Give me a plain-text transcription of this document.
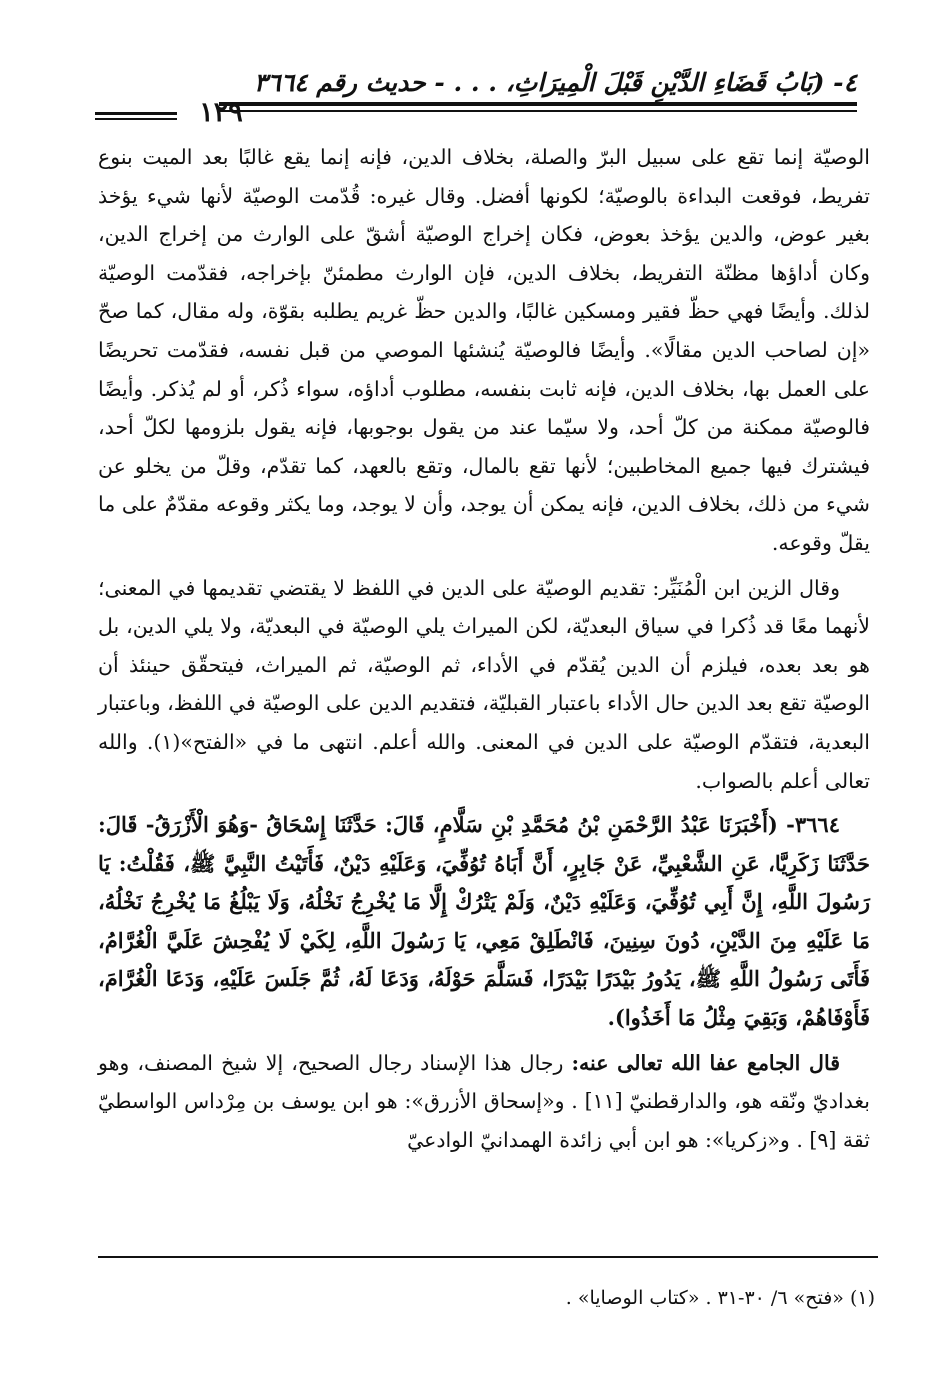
٤- (بَابُ قَضَاءِ الدَّيْنِ قَبْلَ الْمِيرَاثِ، . . . - حديث رقم ٣٦٦٤
١٢٩

الوصيّة إنما تقع على سبيل البرّ والصلة، بخلاف الدين، فإنه إنما يقع غالبًا بعد الميت بنوع تفريط، فوقعت البداءة بالوصيّة؛ لكونها أفضل. وقال غيره: قُدّمت الوصيّة لأنها شيء يؤخذ بغير عوض، والدين يؤخذ بعوض، فكان إخراج الوصيّة أشقّ على الوارث من إخراج الدين، وكان أداؤها مظنّة التفريط، بخلاف الدين، فإن الوارث مطمئنّ بإخراجه، فقدّمت الوصيّة لذلك. وأيضًا فهي حظّ فقير ومسكين غالبًا، والدين حظّ غريم يطلبه بقوّة، وله مقال، كما صحّ «إن لصاحب الدين مقالًا». وأيضًا فالوصيّة يُنشئها الموصي من قبل نفسه، فقدّمت تحريضًا على العمل بها، بخلاف الدين، فإنه ثابت بنفسه، مطلوب أداؤه، سواء ذُكر، أو لم يُذكر. وأيضًا فالوصيّة ممكنة من كلّ أحد، ولا سيّما عند من يقول بوجوبها، فإنه يقول بلزومها لكلّ أحد، فيشترك فيها جميع المخاطبين؛ لأنها تقع بالمال، وتقع بالعهد، كما تقدّم، وقلّ من يخلو عن شيء من ذلك، بخلاف الدين، فإنه يمكن أن يوجد، وأن لا يوجد، وما يكثر وقوعه مقدّمٌ على ما يقلّ وقوعه.

وقال الزين ابن الْمُنَيِّر: تقديم الوصيّة على الدين في اللفظ لا يقتضي تقديمها في المعنى؛ لأنهما معًا قد ذُكرا في سياق البعديّة، لكن الميراث يلي الوصيّة في البعديّة، ولا يلي الدين، بل هو بعد بعده، فيلزم أن الدين يُقدّم في الأداء، ثم الوصيّة، ثم الميراث، فيتحقّق حينئذ أن الوصيّة تقع بعد الدين حال الأداء باعتبار القبليّة، فتقديم الدين على الوصيّة في اللفظ، وباعتبار البعدية، فتقدّم الوصيّة على الدين في المعنى. والله أعلم. انتهى ما في «الفتح»(١). والله تعالى أعلم بالصواب.

٣٦٦٤- (أَخْبَرَنَا عَبْدُ الرَّحْمَنِ بْنُ مُحَمَّدِ بْنِ سَلَّامٍ، قَالَ: حَدَّثَنَا إِسْحَاقُ -وَهُوَ الْأَزْرَقُ- قَالَ: حَدَّثَنَا زَكَرِيَّا، عَنِ الشَّعْبِيِّ، عَنْ جَابِرٍ، أَنَّ أَبَاهُ تُوُفِّيَ، وَعَلَيْهِ دَيْنٌ، فَأَتَيْتُ النَّبِيَّ ﷺ، فَقُلْتُ: يَا رَسُولَ اللَّهِ، إِنَّ أَبِي تُوُفِّيَ، وَعَلَيْهِ دَيْنٌ، وَلَمْ يَتْرُكْ إِلَّا مَا يُخْرِجُ نَخْلُهُ، وَلَا يَبْلُغُ مَا يُخْرِجُ نَخْلُهُ، مَا عَلَيْهِ مِنَ الدَّيْنِ، دُونَ سِنِينَ، فَانْطَلِقْ مَعِي، يَا رَسُولَ اللَّهِ، لِكَيْ لَا يُفْحِشَ عَلَيَّ الْغُرَّامُ، فَأَتَى رَسُولُ اللَّهِ ﷺ، يَدُورُ بَيْدَرًا بَيْدَرًا، فَسَلَّمَ حَوْلَهُ، وَدَعَا لَهُ، ثُمَّ جَلَسَ عَلَيْهِ، وَدَعَا الْغُرَّامَ، فَأَوْفَاهُمْ، وَبَقِيَ مِثْلُ مَا أَخَذُوا).

قال الجامع عفا الله تعالى عنه: رجال هذا الإسناد رجال الصحيح، إلا شيخ المصنف، وهو بغداديّ ونّقه هو، والدارقطنيّ [١١] . و«إسحاق الأزرق»: هو ابن يوسف بن مِرْداس الواسطيّ ثقة [٩] . و«زكريا»: هو ابن أبي زائدة الهمدانيّ الوادعيّ

(١) «فتح» ٦/ ٣٠-٣١ . «كتاب الوصايا» .
